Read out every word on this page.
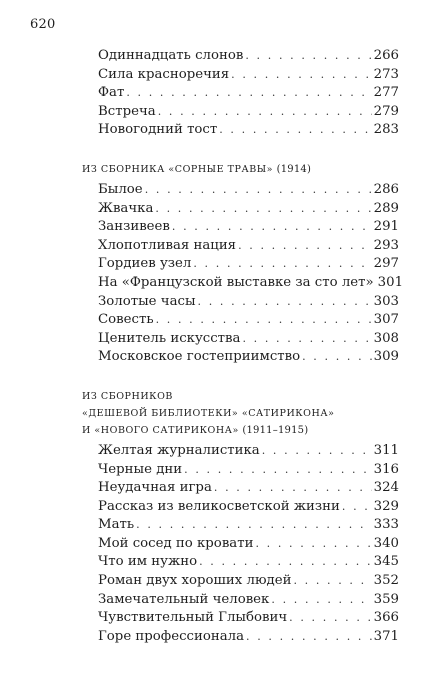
620
Одиннадцать слонов . . .	266
Сила красноречия . . .	273
Фат . . .	277
Встреча . . .	279
Новогодний тост . . .	283
ИЗ СБОРНИКА «СОРНЫЕ ТРАВЫ» (1914)
Былое . . .	286
Жвачка . . .	289
Занзивеев . . .	291
Хлопотливая нация . . .	293
Гордиев узел . . .	297
На «Французской выставке за сто лет» 301
Золотые часы . . .	303
Совесть . . .	307
Ценитель искусства . . .	308
Московское гостеприимство . . .	309
ИЗ СБОРНИКОВ
«ДЕШЕВОЙ БИБЛИОТЕКИ» «САТИРИКОНА»
И «НОВОГО САТИРИКОНА» (1911–1915)
Желтая журналистика . . .	311
Черные дни . . .	316
Неудачная игра . . .	324
Рассказ из великосветской жизни . . .	329
Мать . . .	333
Мой сосед по кровати . . .	340
Что им нужно . . .	345
Роман двух хороших людей . . .	352
Замечательный человек . . .	359
Чувствительный Глыбович . . .	366
Горе профессионала . . .	371
